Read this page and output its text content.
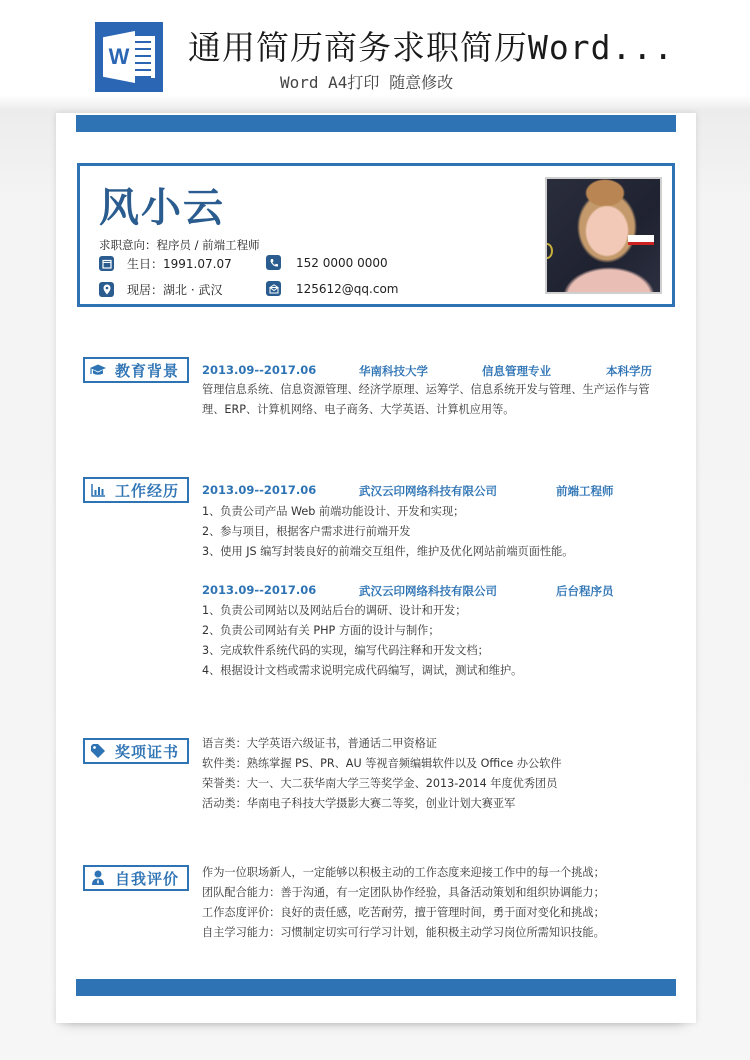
W 通用简历商务求职简历Word...
Word A4打印 随意修改
风小云
求职意向：程序员 / 前端工程师
生日：1991.07.07	152 0000 0000
现居：湖北 · 武汉	125612@qq.com
教育背景 2013.09--2017.06	华南科技大学	信息管理专业	本科学历
管理信息系统、信息资源管理、经济学原理、运筹学、信息系统开发与管理、生产运作与管理、ERP、计算机网络、电子商务、大学英语、计算机应用等。
工作经历 2013.09--2017.06	武汉云印网络科技有限公司	前端工程师
1、负责公司产品 Web 前端功能设计、开发和实现；
2、参与项目，根据客户需求进行前端开发
3、使用 JS 编写封装良好的前端交互组件，维护及优化网站前端页面性能。
2013.09--2017.06	武汉云印网络科技有限公司	后台程序员
1、负责公司网站以及网站后台的调研、设计和开发；
2、负责公司网站有关 PHP 方面的设计与制作；
3、完成软件系统代码的实现，编写代码注释和开发文档；
4、根据设计文档或需求说明完成代码编写，调试，测试和维护。
奖项证书 语言类：大学英语六级证书，普通话二甲资格证
软件类：熟练掌握 PS、PR、AU 等视音频编辑软件以及 Office 办公软件
荣誉类：大一、大二获华南大学三等奖学金、2013-2014 年度优秀团员
活动类：华南电子科技大学摄影大赛二等奖，创业计划大赛亚军
自我评价 作为一位职场新人，一定能够以积极主动的工作态度来迎接工作中的每一个挑战；
团队配合能力：善于沟通，有一定团队协作经验，具备活动策划和组织协调能力；
工作态度评价：良好的责任感，吃苦耐劳，擅于管理时间，勇于面对变化和挑战；
自主学习能力：习惯制定切实可行学习计划，能积极主动学习岗位所需知识技能。
